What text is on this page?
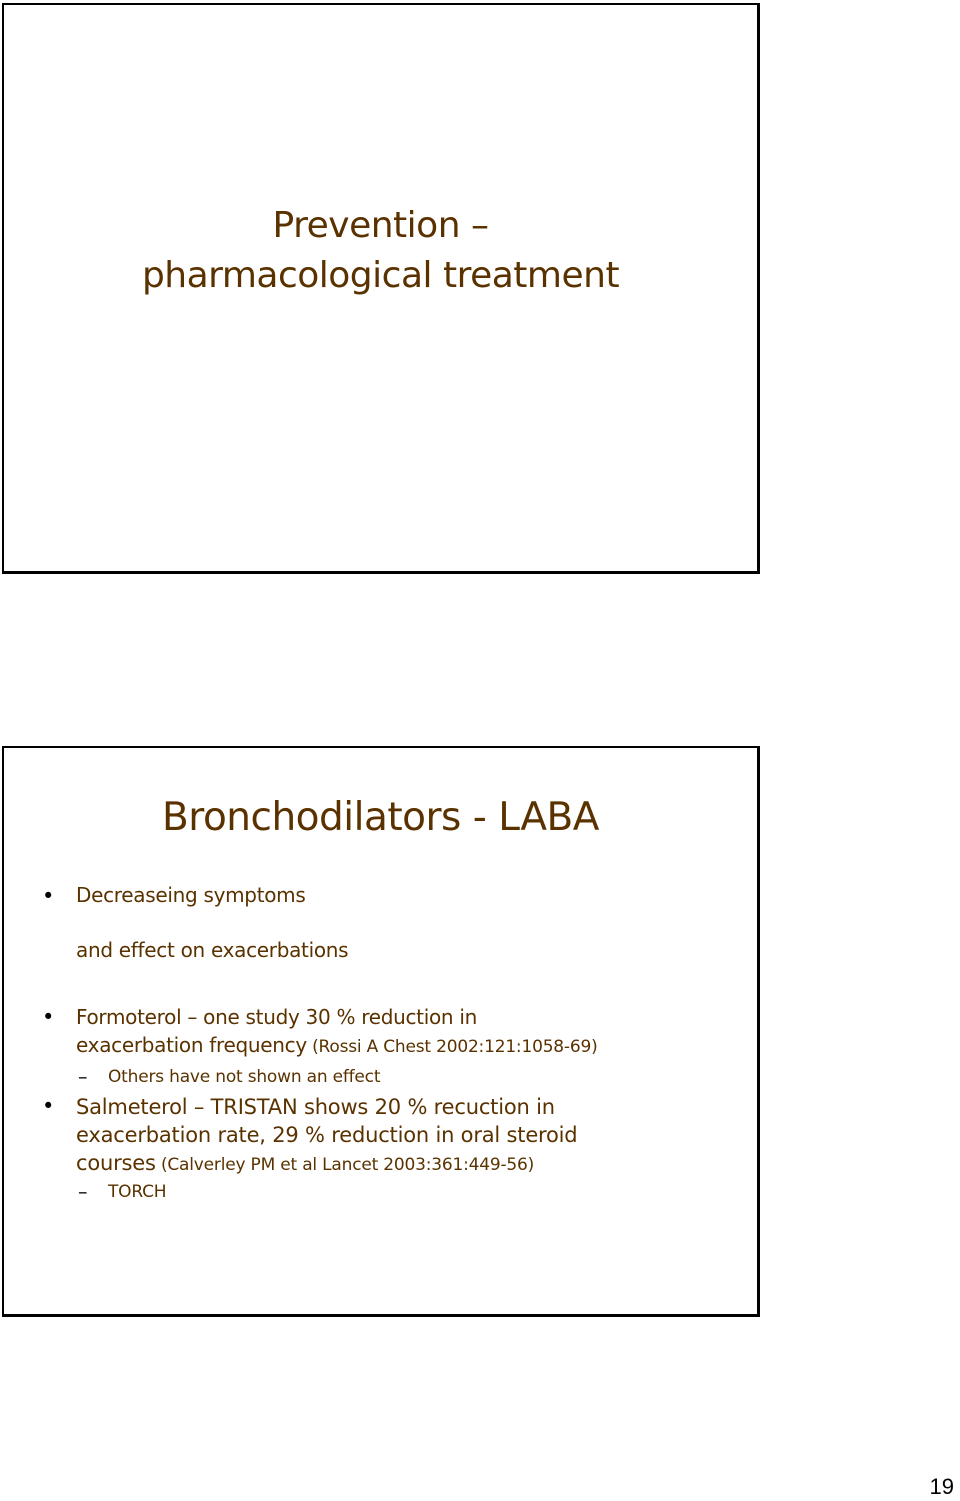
Prevention –
pharmacological treatment
Bronchodilators - LABA
• Decreaseing symptoms

and effect on exacerbations

• Formoterol – one study 30 % reduction in

exacerbation frequency (Rossi A Chest 2002:121:1058-69)

– Others have not shown an effect

• Salmeterol – TRISTAN shows 20 % recuction in

exacerbation rate, 29 % reduction in oral steroid

courses (Calverley PM et al Lancet 2003:361:449-56)

– TORCH

19
